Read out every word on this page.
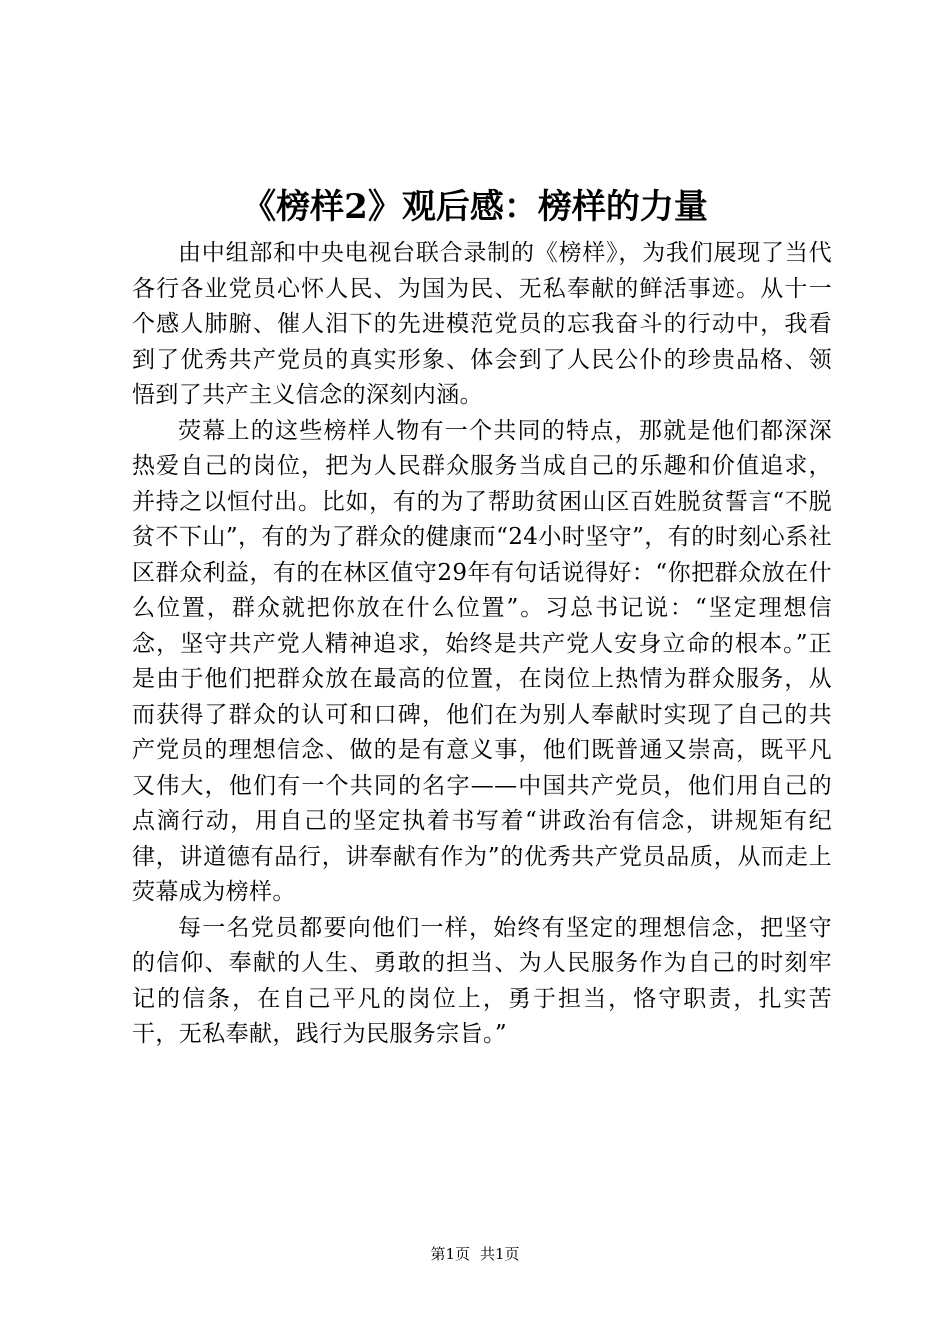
《榜样2》观后感：榜样的力量

由中组部和中央电视台联合录制的《榜样》，为我们展现了当代各行各业党员心怀人民、为国为民、无私奉献的鲜活事迹。从十一个感人肺腑、催人泪下的先进模范党员的忘我奋斗的行动中，我看到了优秀共产党员的真实形象、体会到了人民公仆的珍贵品格、领悟到了共产主义信念的深刻内涵。

荧幕上的这些榜样人物有一个共同的特点，那就是他们都深深热爱自己的岗位，把为人民群众服务当成自己的乐趣和价值追求，并持之以恒付出。比如，有的为了帮助贫困山区百姓脱贫誓言“不脱贫不下山”，有的为了群众的健康而“24小时坚守”，有的时刻心系社区群众利益，有的在林区值守29年有句话说得好：“你把群众放在什么位置，群众就把你放在什么位置”。习总书记说：“坚定理想信念，坚守共产党人精神追求，始终是共产党人安身立命的根本。”正是由于他们把群众放在最高的位置，在岗位上热情为群众服务，从而获得了群众的认可和口碑，他们在为别人奉献时实现了自己的共产党员的理想信念、做的是有意义事，他们既普通又崇高，既平凡又伟大，他们有一个共同的名字——中国共产党员，他们用自己的点滴行动，用自己的坚定执着书写着“讲政治有信念，讲规矩有纪律，讲道德有品行，讲奉献有作为”的优秀共产党员品质，从而走上荧幕成为榜样。

每一名党员都要向他们一样，始终有坚定的理想信念，把坚守的信仰、奉献的人生、勇敢的担当、为人民服务作为自己的时刻牢记的信条，在自己平凡的岗位上，勇于担当，恪守职责，扎实苦干，无私奉献，践行为民服务宗旨。”

第1页 共1页
